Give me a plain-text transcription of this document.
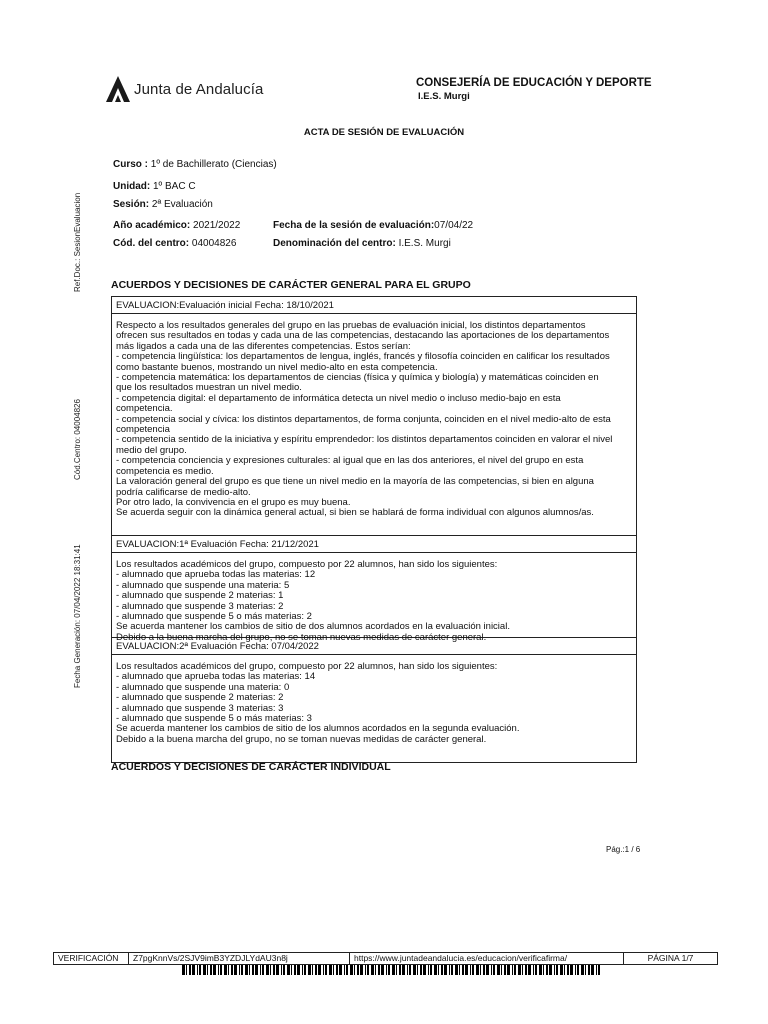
Junta de Andalucía	CONSEJERÍA DE EDUCACIÓN Y DEPORTE
I.E.S. Murgi
ACTA DE SESIÓN DE EVALUACIÓN
Curso : 1º de Bachillerato (Ciencias)
Unidad: 1º BAC C
Sesión: 2ª Evaluación
Año académico: 2021/2022	Fecha de la sesión de evaluación:07/04/22
Cód. del centro: 04004826	Denominación del centro: I.E.S. Murgi
Ref.Doc.: SesionEvaluacion
Cód.Centro: 04004826
Fecha Generación: 07/04/2022 18:31:41
ACUERDOS Y DECISIONES DE CARÁCTER GENERAL PARA EL GRUPO
EVALUACION:Evaluación inicial Fecha: 18/10/2021
Respecto a los resultados generales del grupo en las pruebas de evaluación inicial, los distintos departamentos
ofrecen sus resultados en todas y cada una de las competencias, destacando las aportaciones de los departamentos
más ligados a cada una de las diferentes competencias. Estos serían:
- competencia lingüística: los departamentos de lengua, inglés, francés y filosofía coinciden en calificar los resultados
como bastante buenos, mostrando un nivel medio-alto en esta competencia.
- competencia matemática: los departamentos de ciencias (física y química y biología) y matemáticas coinciden en
que los resultados muestran un nivel medio.
- competencia digital: el departamento de informática detecta un nivel medio o incluso medio-bajo en esta
competencia.
- competencia social y cívica: los distintos departamentos, de forma conjunta, coinciden en el nivel medio-alto de esta
competencia
- competencia sentido de la iniciativa y espíritu emprendedor: los distintos departamentos coinciden en valorar el nivel
medio del grupo.
- competencia conciencia y expresiones culturales: al igual que en las dos anteriores, el nivel del grupo en esta
competencia es medio.
La valoración general del grupo es que tiene un nivel medio en la mayoría de las competencias, si bien en alguna
podría calificarse de medio-alto.
Por otro lado, la convivencia en el grupo es muy buena.
Se acuerda seguir con la dinámica general actual, si bien se hablará de forma individual con algunos alumnos/as.
EVALUACION:1ª Evaluación Fecha: 21/12/2021
Los resultados académicos del grupo, compuesto por 22 alumnos, han sido los siguientes:
- alumnado que aprueba todas las materias: 12
- alumnado que suspende una materia: 5
- alumnado que suspende 2 materias: 1
- alumnado que suspende 3 materias: 2
- alumnado que suspende 5 o más materias: 2
Se acuerda mantener los cambios de sitio de dos alumnos acordados en la evaluación inicial.
Debido a la buena marcha del grupo, no se toman nuevas medidas de carácter general.
EVALUACION:2ª Evaluación Fecha: 07/04/2022
Los resultados académicos del grupo, compuesto por 22 alumnos, han sido los siguientes:
- alumnado que aprueba todas las materias: 14
- alumnado que suspende una materia: 0
- alumnado que suspende 2 materias: 2
- alumnado que suspende 3 materias: 3
- alumnado que suspende 5 o más materias: 3
Se acuerda mantener los cambios de sitio de los alumnos acordados en la segunda evaluación.
Debido a la buena marcha del grupo, no se toman nuevas medidas de carácter general.
ACUERDOS Y DECISIONES DE CARÁCTER INDIVIDUAL
Pág.:1 / 6
VERIFICACIÓN	Z7pgKnnVs/2SJV9imB3YZDJLYdAU3n8j	https://www.juntadeandalucia.es/educacion/verificafirma/	PÁGINA 1/7
